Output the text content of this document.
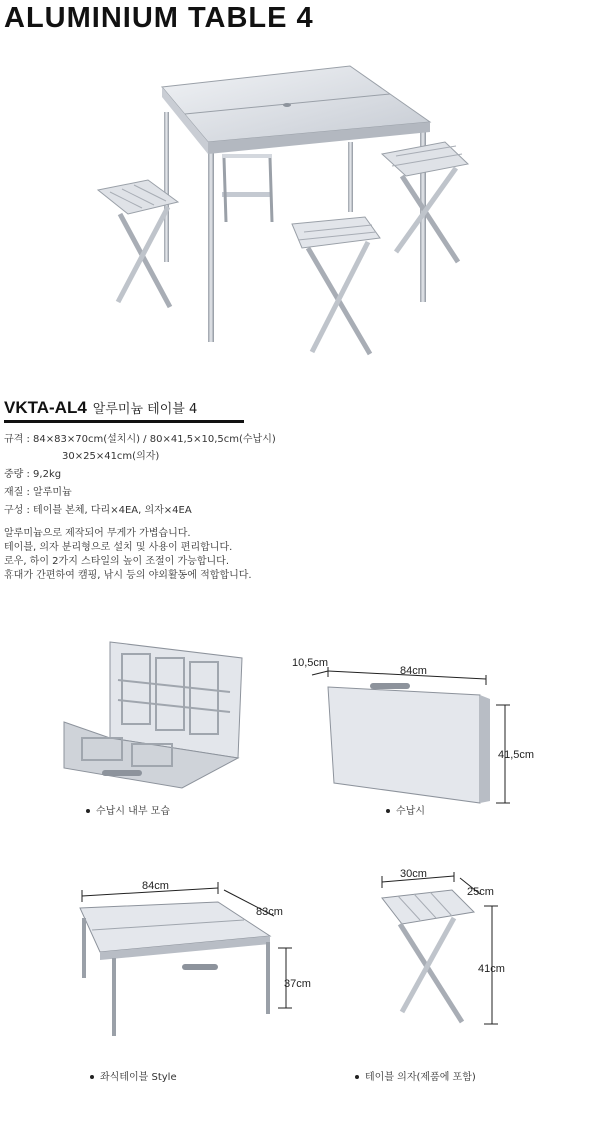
ALUMINIUM TABLE 4
VKTA-AL4 알루미늄 테이블 4
규격 : 84×83×70cm(설치시) / 80×41,5×10,5cm(수납시)
30×25×41cm(의자)
중량 : 9,2kg
재질 : 알루미늄
구성 : 테이블 본체, 다리×4EA, 의자×4EA
알루미늄으로 제작되어 무게가 가볍습니다.
테이블, 의자 분리형으로 설치 및 사용이 편리합니다.
로우, 하이 2가지 스타일의 높이 조절이 가능합니다.
휴대가 간편하여 캠핑, 낚시 등의 야외활동에 적합합니다.
수납시 내부 모습
10,5cm
84cm
41,5cm
수납시
84cm
83cm
37cm
좌식테이블 Style
30cm
25cm
41cm
테이블 의자(제품에 포함)
